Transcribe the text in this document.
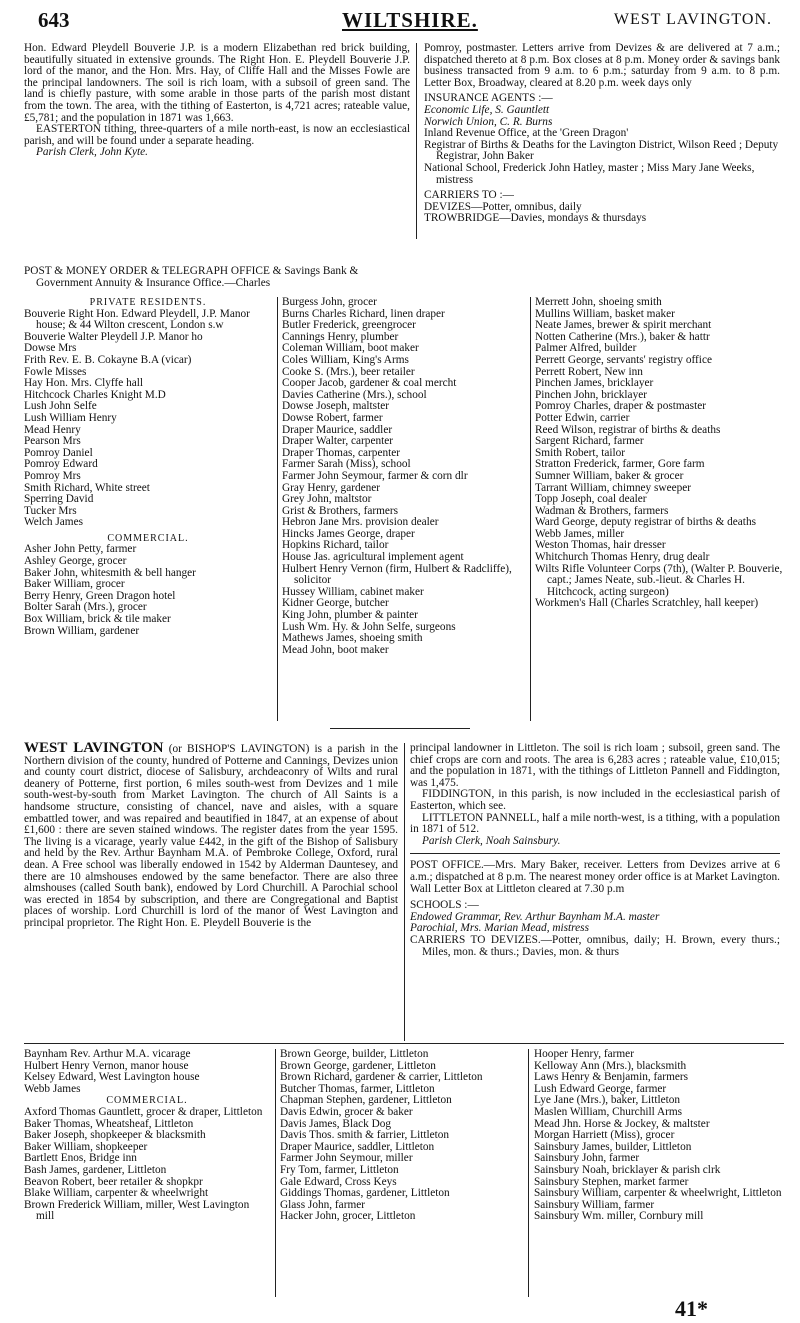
643	WILTSHIRE.	WEST LAVINGTON.

Hon. Edward Pleydell Bouverie J.P. is a modern Elizabethan red brick building, beautifully situated in extensive grounds. The Right Hon. E. Pleydell Bouverie J.P. lord of the manor, and the Hon. Mrs. Hay, of Cliffe Hall and the Misses Fowle are the principal landowners. The soil is rich loam, with a subsoil of green sand. The land is chiefly pasture, with some arable in those parts of the parish most distant from the town. The area, with the tithing of Easterton, is 4,721 acres; rateable value, £5,781; and the population in 1871 was 1,663.

EASTERTON tithing, three-quarters of a mile north-east, is now an ecclesiastical parish, and will be found under a separate heading.

Parish Clerk, John Kyte.

Pomroy, postmaster. Letters arrive from Devizes & are delivered at 7 a.m.; dispatched thereto at 8 p.m. Box closes at 8 p.m. Money order & savings bank business transacted from 9 a.m. to 6 p.m.; saturday from 9 a.m. to 8 p.m. Letter Box, Broadway, cleared at 8.20 p.m. week days only

INSURANCE AGENTS :—

Economic Life, S. Gauntlett

Norwich Union, C. R. Burns

Inland Revenue Office, at the 'Green Dragon'

Registrar of Births & Deaths for the Lavington District, Wilson Reed ; Deputy Registrar, John Baker

National School, Frederick John Hatley, master ; Miss Mary Jane Weeks, mistress

CARRIERS TO :—

DEVIZES—Potter, omnibus, daily

TROWBRIDGE—Davies, mondays & thursdays

POST & MONEY ORDER & TELEGRAPH OFFICE & Savings Bank & Government Annuity & Insurance Office.—Charles

PRIVATE RESIDENTS.
Bouverie Right Hon. Edward Pleydell, J.P. Manor house; & 44 Wilton crescent, London s.w
Bouverie Walter Pleydell J.P. Manor ho
Dowse Mrs
Frith Rev. E. B. Cokayne B.A (vicar)
Fowle Misses
Hay Hon. Mrs. Clyffe hall
Hitchcock Charles Knight M.D
Lush John Selfe
Lush William Henry
Mead Henry
Pearson Mrs
Pomroy Daniel
Pomroy Edward
Pomroy Mrs
Smith Richard, White street
Sperring David
Tucker Mrs
Welch James
COMMERCIAL.
Asher John Petty, farmer
Ashley George, grocer
Baker John, whitesmith & bell hanger
Baker William, grocer
Berry Henry, Green Dragon hotel
Bolter Sarah (Mrs.), grocer
Box William, brick & tile maker
Brown William, gardener
Burgess John, grocer
Burns Charles Richard, linen draper
Butler Frederick, greengrocer
Cannings Henry, plumber
Coleman William, boot maker
Coles William, King's Arms
Cooke S. (Mrs.), beer retailer
Cooper Jacob, gardener & coal mercht
Davies Catherine (Mrs.), school
Dowse Joseph, maltster
Dowse Robert, farmer
Draper Maurice, saddler
Draper Walter, carpenter
Draper Thomas, carpenter
Farmer Sarah (Miss), school
Farmer John Seymour, farmer & corn dlr
Gray Henry, gardener
Grey John, maltstor
Grist & Brothers, farmers
Hebron Jane Mrs. provision dealer
Hincks James George, draper
Hopkins Richard, tailor
House Jas. agricultural implement agent
Hulbert Henry Vernon (firm, Hulbert & Radcliffe), solicitor
Hussey William, cabinet maker
Kidner George, butcher
King John, plumber & painter
Lush Wm. Hy. & John Selfe, surgeons
Mathews James, shoeing smith
Mead John, boot maker
Merrett John, shoeing smith
Mullins William, basket maker
Neate James, brewer & spirit merchant
Notten Catherine (Mrs.), baker & hattr
Palmer Alfred, builder
Perrett George, servants' registry office
Perrett Robert, New inn
Pinchen James, bricklayer
Pinchen John, bricklayer
Pomroy Charles, draper & postmaster
Potter Edwin, carrier
Reed Wilson, registrar of births & deaths
Sargent Richard, farmer
Smith Robert, tailor
Stratton Frederick, farmer, Gore farm
Sumner William, baker & grocer
Tarrant William, chimney sweeper
Topp Joseph, coal dealer
Wadman & Brothers, farmers
Ward George, deputy registrar of births & deaths
Webb James, miller
Weston Thomas, hair dresser
Whitchurch Thomas Henry, drug dealr
Wilts Rifle Volunteer Corps (7th), (Walter P. Bouverie, capt.; James Neate, sub.-lieut. & Charles H. Hitchcock, acting surgeon)
Workmen's Hall (Charles Scratchley, hall keeper)

WEST LAVINGTON (or BISHOP'S LAVINGTON) is a parish in the Northern division of the county, hundred of Potterne and Cannings, Devizes union and county court district, diocese of Salisbury, archdeaconry of Wilts and rural deanery of Potterne, first portion, 6 miles south-west from Devizes and 1 mile south-west-by-south from Market Lavington. The church of All Saints is a handsome structure, consisting of chancel, nave and aisles, with a square embattled tower, and was repaired and beautified in 1847, at an expense of about £1,600 : there are seven stained windows. The register dates from the year 1595. The living is a vicarage, yearly value £442, in the gift of the Bishop of Salisbury and held by the Rev. Arthur Baynham M.A. of Pembroke College, Oxford, rural dean. A Free school was liberally endowed in 1542 by Alderman Dauntesey, and there are 10 almshouses endowed by the same benefactor. There are also three almshouses (called South bank), endowed by Lord Churchill. A Parochial school was erected in 1854 by subscription, and there are Congregational and Baptist places of worship. Lord Churchill is lord of the manor of West Lavington and principal proprietor. The Right Hon. E. Pleydell Bouverie is the

principal landowner in Littleton. The soil is rich loam ; subsoil, green sand. The chief crops are corn and roots. The area is 6,283 acres ; rateable value, £10,015; and the population in 1871, with the tithings of Littleton Pannell and Fiddington, was 1,475.

FIDDINGTON, in this parish, is now included in the ecclesiastical parish of Easterton, which see.

LITTLETON PANNELL, half a mile north-west, is a tithing, with a population in 1871 of 512.

Parish Clerk, Noah Sainsbury.

POST OFFICE.—Mrs. Mary Baker, receiver. Letters from Devizes arrive at 6 a.m.; dispatched at 8 p.m. The nearest money order office is at Market Lavington. Wall Letter Box at Littleton cleared at 7.30 p.m

SCHOOLS :—

Endowed Grammar, Rev. Arthur Baynham M.A. master

Parochial, Mrs. Marian Mead, mistress

CARRIERS TO DEVIZES.—Potter, omnibus, daily; H. Brown, every thurs.; Miles, mon. & thurs.; Davies, mon. & thurs

Baynham Rev. Arthur M.A. vicarage
Hulbert Henry Vernon, manor house
Kelsey Edward, West Lavington house
Webb James
COMMERCIAL.
Axford Thomas Gauntlett, grocer & draper, Littleton
Baker Thomas, Wheatsheaf, Littleton
Baker Joseph, shopkeeper & blacksmith
Baker William, shopkeeper
Bartlett Enos, Bridge inn
Bash James, gardener, Littleton
Beavon Robert, beer retailer & shopkpr
Blake William, carpenter & wheelwright
Brown Frederick William, miller, West Lavington mill
Brown George, builder, Littleton
Brown George, gardener, Littleton
Brown Richard, gardener & carrier, Littleton
Butcher Thomas, farmer, Littleton
Chapman Stephen, gardener, Littleton
Davis Edwin, grocer & baker
Davis James, Black Dog
Davis Thos. smith & farrier, Littleton
Draper Maurice, saddler, Littleton
Farmer John Seymour, miller
Fry Tom, farmer, Littleton
Gale Edward, Cross Keys
Giddings Thomas, gardener, Littleton
Glass John, farmer
Hacker John, grocer, Littleton
Hooper Henry, farmer
Kelloway Ann (Mrs.), blacksmith
Laws Henry & Benjamin, farmers
Lush Edward George, farmer
Lye Jane (Mrs.), baker, Littleton
Maslen William, Churchill Arms
Mead Jhn. Horse & Jockey, & maltster
Morgan Harriett (Miss), grocer
Sainsbury James, builder, Littleton
Sainsbury John, farmer
Sainsbury Noah, bricklayer & parish clrk
Sainsbury Stephen, market farmer
Sainsbury William, carpenter & wheelwright, Littleton
Sainsbury William, farmer
Sainsbury Wm. miller, Cornbury mill
41*
